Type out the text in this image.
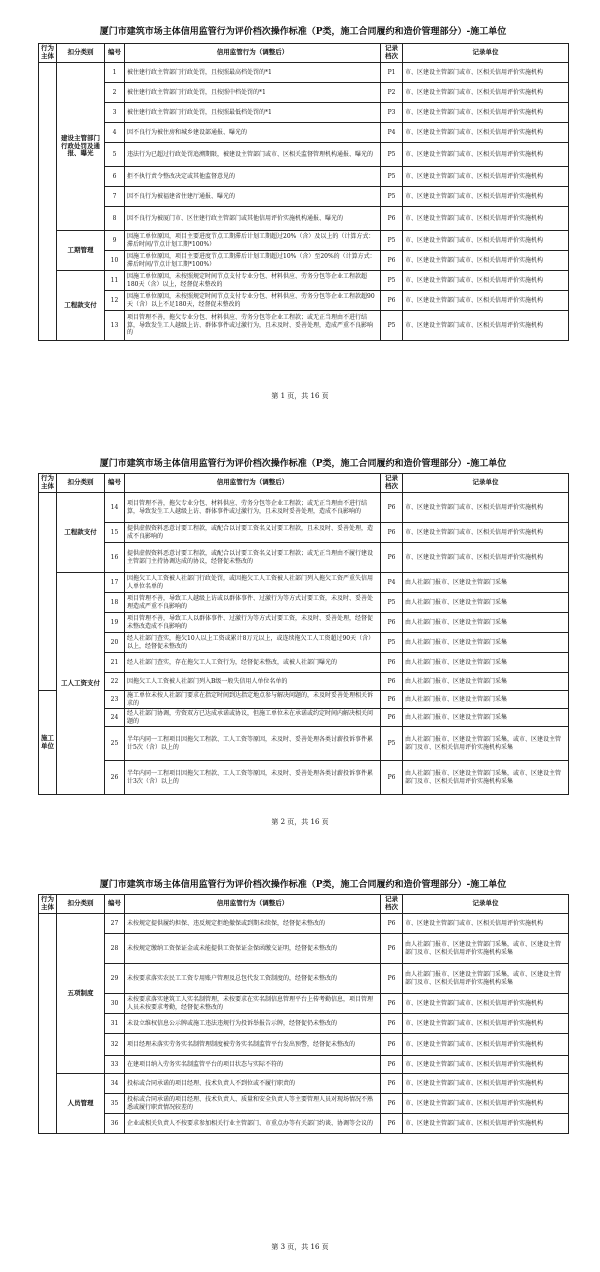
厦门市建筑市场主体信用监管行为评价档次操作标准（P类，施工合同履约和造价管理部分）-施工单位
行为主体	扣分类别	编号	信用监管行为（调整后）	记录档次	记录单位
	建设主管部门行政处罚及通报、曝光	1	被住建行政主管部门行政处罚，且按照最高档处罚的*1	P1	市、区建设主管部门或市、区相关信用评价实施机构
		2	被住建行政主管部门行政处罚，且按照中档处罚的*1	P2	市、区建设主管部门或市、区相关信用评价实施机构
		3	被住建行政主管部门行政处罚，且按照最低档处罚的*1	P3	市、区建设主管部门或市、区相关信用评价实施机构
		4	因不良行为被住房和城乡建设部通报、曝光的	P4	市、区建设主管部门或市、区相关信用评价实施机构
		5	违法行为已超过行政处罚追溯期限，被建设主管部门或市、区相关监督管理机构通报、曝光的	P5	市、区建设主管部门或市、区相关信用评价实施机构
		6	拒不执行责令整改决定或其他监督意见的	P5	市、区建设主管部门或市、区相关信用评价实施机构
		7	因不良行为被福建省住建厅通报、曝光的	P5	市、区建设主管部门或市、区相关信用评价实施机构
		8	因不良行为被厦门市、区住建行政主管部门或其他信用评价实施机构通报、曝光的	P6	市、区建设主管部门或市、区相关信用评价实施机构
	工期管理	9	因施工单位原因，项目主要进度节点工期滞后计划工期超过20%（含）及以上的（计算方式：滞后时间/节点计划工期*100%）	P5	市、区建设主管部门或市、区相关信用评价实施机构
		10	因施工单位原因，项目主要进度节点工期滞后计划工期超过10%（含）至20%的（计算方式：滞后时间/节点计划工期*100%）	P6	市、区建设主管部门或市、区相关信用评价实施机构
	工程款支付	11	因施工单位原因，未按照规定时间节点支付专业分包、材料供应、劳务分包等企业工程款超180天（含）以上，经督促未整改的	P5	市、区建设主管部门或市、区相关信用评价实施机构
		12	因施工单位原因，未按照规定时间节点支付专业分包、材料供应、劳务分包等企业工程款超90天（含）以上不足180天，经督促未整改的	P6	市、区建设主管部门或市、区相关信用评价实施机构
		13	项目管理不善，拖欠专业分包、材料供应、劳务分包等企业工程款；或无正当理由不进行结算，导致发生工人越级上访、群体事件或过激行为，且未及时、妥善处理，造成严重不良影响的	P5	市、区建设主管部门或市、区相关信用评价实施机构
第 1 页，共 16 页
厦门市建筑市场主体信用监管行为评价档次操作标准（P类，施工合同履约和造价管理部分）-施工单位
行为主体	扣分类别	编号	信用监管行为（调整后）	记录档次	记录单位
	工程款支付	14	项目管理不善，拖欠专业分包、材料供应、劳务分包等企业工程款；或无正当理由不进行结算，导致发生工人越级上访、群体事件或过激行为，且未及时妥善处理，造成不良影响的	P6	市、区建设主管部门或市、区相关信用评价实施机构
		15	提供虚假资料恶意讨要工程款，或配合以讨要工资名义讨要工程款，且未及时、妥善处理，造成不良影响的	P6	市、区建设主管部门或市、区相关信用评价实施机构
		16	提供虚假资料恶意讨要工程款，或配合以讨要工资名义讨要工程款；或无正当理由不履行建设主管部门主持协调达成的协议，经督促未整改的	P6	市、区建设主管部门或市、区相关信用评价实施机构
	工人工资支付	17	因拖欠工人工资被人社部门行政处罚，或因拖欠工人工资被人社部门列入拖欠工资严重失信用人单位名单的	P4	由人社部门报市、区建设主管部门采集
		18	项目管理不善，导致工人越级上访或以群体事件、过激行为等方式讨要工资，未及时、妥善处理造成严重不良影响的	P5	由人社部门报市、区建设主管部门采集
		19	项目管理不善，导致工人以群体事件、过激行为等方式讨要工资，未及时、妥善处理，经督促未整改造成不良影响的	P6	由人社部门报市、区建设主管部门采集
		20	经人社部门查实，拖欠10人以上工资或累计8万元以上，或连续拖欠工人工资超过90天（含）以上，经督促未整改的	P5	由人社部门报市、区建设主管部门采集
		21	经人社部门查实，存在拖欠工人工资行为，经督促未整改，或被人社部门曝光的	P6	由人社部门报市、区建设主管部门采集
		22	因拖欠工人工资被人社部门列入B级一般失信用人单位名单的	P6	由人社部门报市、区建设主管部门采集
施工单位		23	施工单位未按人社部门要求在指定时间到达指定地点参与解决问题的，未及时妥善处理相关诉求的	P6	由人社部门报市、区建设主管部门采集
		24	经人社部门协调，劳资双方已达成承诺或协议，但施工单位未在承诺或约定时间内解决相关问题的	P6	由人社部门报市、区建设主管部门采集
		25	半年内同一工程项目因拖欠工程款、工人工资等原因，未及时、妥善处理各类讨薪投诉事件累计5次（含）以上的	P5	由人社部门报市、区建设主管部门采集，或市、区建设主管部门及市、区相关信用评价实施机构采集
		26	半年内同一工程项目因拖欠工程款、工人工资等原因，未及时、妥善处理各类讨薪投诉事件累计3次（含）以上的	P6	由人社部门报市、区建设主管部门采集，或市、区建设主管部门及市、区相关信用评价实施机构采集
第 2 页，共 16 页
厦门市建筑市场主体信用监管行为评价档次操作标准（P类，施工合同履约和造价管理部分）-施工单位
行为主体	扣分类别	编号	信用监管行为（调整后）	记录档次	记录单位
	五项制度	27	未按规定提供履约担保、违反规定拒绝撤保或到期未续保，经督促未整改的	P6	市、区建设主管部门或市、区相关信用评价实施机构
		28	未按规定缴纳工资保证金或未能提供工资保证金保函缴交证明，经督促未整改的	P6	由人社部门报市、区建设主管部门采集，或市、区建设主管部门及市、区相关信用评价实施机构采集
		29	未按要求落实农民工工资专用账户管理及总包代发工资制度的，经督促未整改的	P6	由人社部门报市、区建设主管部门采集，或市、区建设主管部门及市、区相关信用评价实施机构采集
		30	未按要求落实建筑工人实名制管理，未按要求在实名制信息管理平台上传考勤信息，项目管理人员未按要求考勤，经督促未整改的	P6	市、区建设主管部门或市、区相关信用评价实施机构
		31	未设立维权信息公示牌或施工违法违规行为投诉举报告示牌，经督促仍未整改的	P6	市、区建设主管部门或市、区相关信用评价实施机构
		32	项目经理未落实劳务实名制管理制度被劳务实名制监管平台发出预警，经督促未整改的	P6	市、区建设主管部门或市、区相关信用评价实施机构
		33	在建项目纳入劳务实名制监管平台的项目状态与实际不符的	P6	市、区建设主管部门或市、区相关信用评价实施机构
	人员管理	34	投标或合同承诺的项目经理、技术负责人不到位或不履行职责的	P6	市、区建设主管部门或市、区相关信用评价实施机构
		35	投标或合同承诺的项目经理、技术负责人、质量和安全负责人等主要管理人员对现场情况不熟悉或履行职责情况较差的	P6	市、区建设主管部门或市、区相关信用评价实施机构
		36	企业或相关负责人不按要求参加相关行业主管部门、市重点办等有关部门约谈、协调等会议的	P6	市、区建设主管部门或市、区相关信用评价实施机构
第 3 页，共 16 页
